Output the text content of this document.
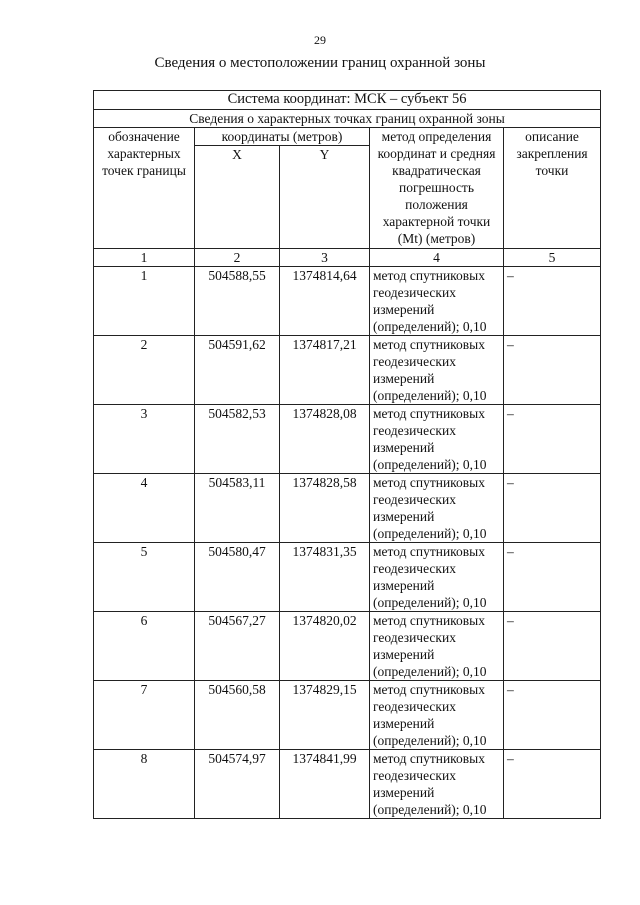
29
Сведения о местоположении границ охранной зоны
Система координат: МСК – субъект 56				
Сведения о характерных точках границ охранной зоны				
обозначение характерных точек границы	координаты (метров)		метод определения координат и средняя квадратическая погрешность положения характерной точки (Mt) (метров)	описание закрепления точки
	X	Y		
1	2	3	4	5
1	504588,55	1374814,64	метод спутниковых геодезических измерений (определений); 0,10	–
2	504591,62	1374817,21	метод спутниковых геодезических измерений (определений); 0,10	–
3	504582,53	1374828,08	метод спутниковых геодезических измерений (определений); 0,10	–
4	504583,11	1374828,58	метод спутниковых геодезических измерений (определений); 0,10	–
5	504580,47	1374831,35	метод спутниковых геодезических измерений (определений); 0,10	–
6	504567,27	1374820,02	метод спутниковых геодезических измерений (определений); 0,10	–
7	504560,58	1374829,15	метод спутниковых геодезических измерений (определений); 0,10	–
8	504574,97	1374841,99	метод спутниковых геодезических измерений (определений); 0,10	–
